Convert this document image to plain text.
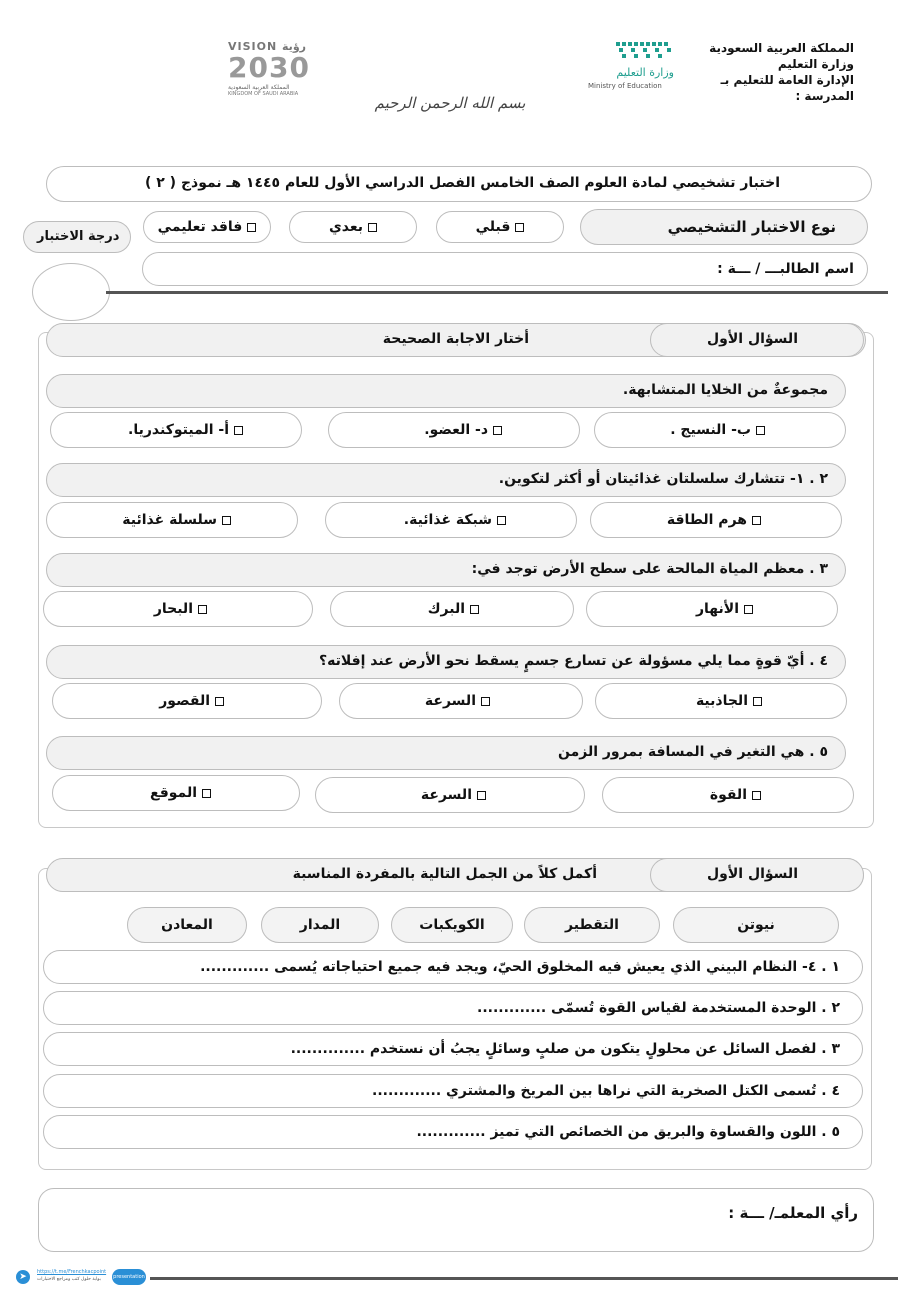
المملكة العربية السعودية
وزارة التعليم
الإدارة العامة للتعليم بـ
المدرسة :
وزارة التعليم
Ministry of Education
VISION رؤية
2030
المملكة العربية السعودية
KINGDOM OF SAUDI ARABIA	بسم الله الرحمن الرحيم
اختبار تشخيصي لمادة العلوم الصف الخامس الفصل الدراسي الأول للعام ١٤٤٥ هـ نموذج ( ٢ )
نوع الاختبار التشخيصي
قبلي
بعدي
فاقد تعليمي
درجة الاختبار
اسم الطالبـــ / ـــة :
السؤال الأول
أختار الاجابة الصحيحة
مجموعةٌ من الخلايا المتشابهة.
ب- النسيج .
د- العضو.
أ- الميتوكندريا.
٢ . ١- تتشارك سلسلتان غذائيتان أو أكثر لتكوين.
هرم الطاقة
شبكة غذائية.
سلسلة غذائية
٣ . معظم المياة المالحة على سطح الأرض توجد في:
الأنهار
البرك
البحار
٤ . أيّ قوةٍ مما يلي مسؤولة عن تسارع جسمٍ يسقط نحو الأرض عند إفلاته؟
الجاذبية
السرعة
القصور
٥ . هي التغير في المسافة بمرور الزمن
القوة
السرعة
الموقع
السؤال الأول
أكمل كلاً من الجمل التالية بالمفردة المناسبة
نيوتن
التقطير
الكويكبات
المدار
المعادن
١ . ٤- النظام البيني الذي يعيش فيه المخلوق الحيّ، ويجد فيه جميع احتياجاته يُسمى .............
٢ . الوحدة المستخدمة لقياس القوة تُسمّى .............
٣ . لفصل السائل عن محلولٍ يتكون من صلبٍ وسائلٍ يجبُ أن نستخدم ..............
٤ . تُسمى الكتل الصخرية التي نراها بين المريخ والمشتري .............
٥ . اللون والقساوة والبريق من الخصائص التي تميز .............
رأي المعلمـ/ ـــة :
➤	https://t.me/Frenchkacpoint
بوابة حلول كتب ومراجع الاختبارات presentation
